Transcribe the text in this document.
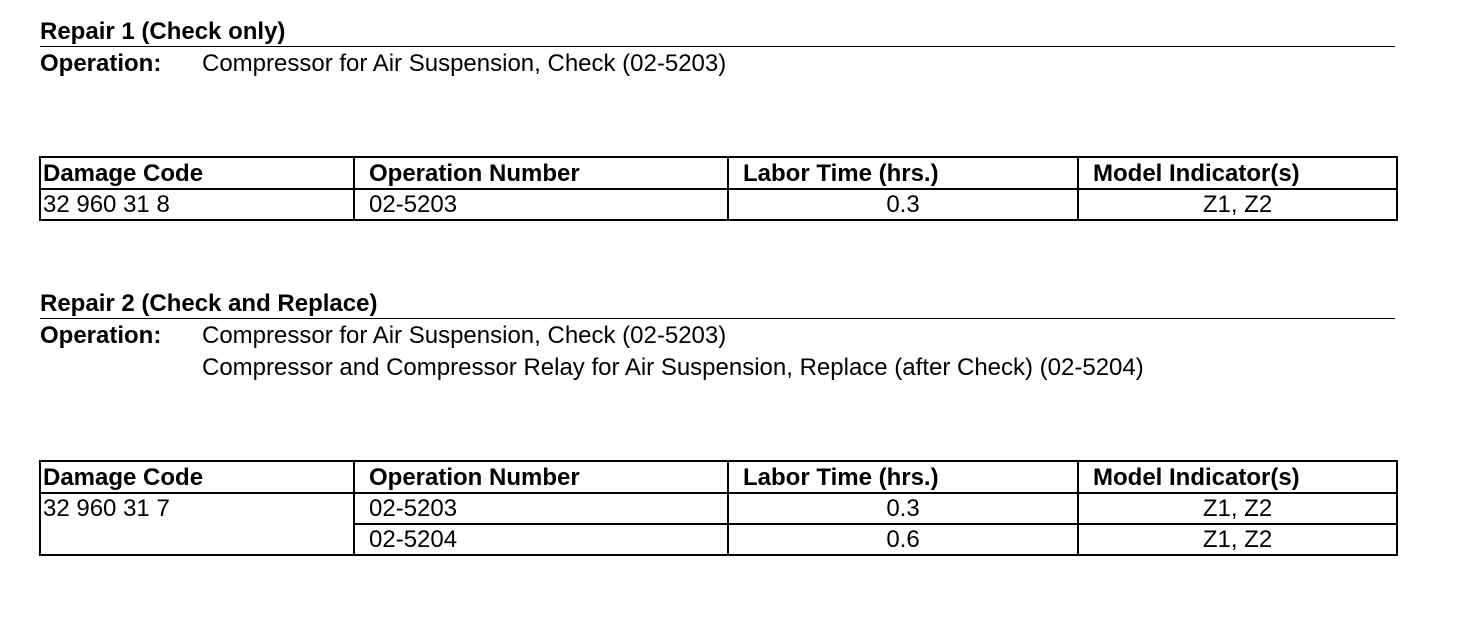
Repair 1 (Check only)
Operation:	Compressor for Air Suspension, Check (02-5203)
Damage Code	Operation Number	Labor Time (hrs.)	Model Indicator(s)
32 960 31 8	02-5203	0.3	Z1, Z2
Repair 2 (Check and Replace)
Operation:	Compressor for Air Suspension, Check (02-5203)
Compressor and Compressor Relay for Air Suspension, Replace (after Check) (02-5204)
Damage Code	Operation Number	Labor Time (hrs.)	Model Indicator(s)
32 960 31 7	02-5203	0.3	Z1, Z2
	02-5204	0.6	Z1, Z2
